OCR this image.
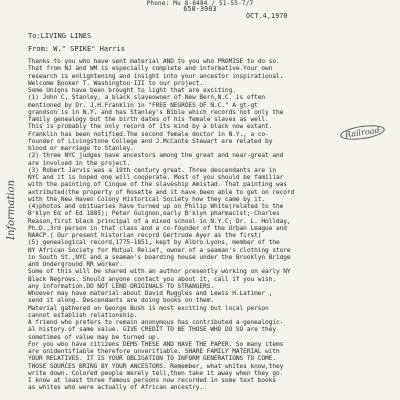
Phone: Mu 8-8484 / 51-55-7/7
650-3903
OCT.4,1970
To:LIVING LINES
From: W." SPIKE" Harris
Thanks to you who have sent material AND to you who PROMISE to do so.
That from NJ and WM is especially complete and informative.Your own
research is enlightening and insight into your ancestor inspirational.
Welcome Booker T. Washington III to our project.
Some Unions have been brought to light that are exciting.
(1) John C. Stanley, a black slaveowner of New Bern,N.C. is often
mentioned by Dr. J.H.Franklin in "FREE NEGROES OF N.C." A gt-gt
grandson is in N.Y. and has Stanley's Bible which records not only the
family genealogy but the birth dates of his female slaves as well.
This is probably the only record of its kind by a black now extant.
Franklin has been notified.The second female doctor in N.Y., a co-
founder of Livingstone College and J.McCante Stewart are related by
blood or marriage to Stanley.
(2) three NYC judges have ancestors among the great and near-great and
are involved in the project.
(3) Robert Jarvis was a 19th century great. Three descendants are in
NYC and it is hoped one will cooperate. Most of you should be familiar
with the painting of Cinque of the slaveship Amistad. That painting was
axtributed(the property of Rosette and it have been able to get on record
with the New Haven Colony Historical Society how they came by it.
(4)photos and obituaries have turned up on Philip White(related to the
B'klyn Ed of Ed 1885); Peter Guignon,early B'klyn pharmacist; Charles
Reason,first black principal of a mixed school in N.Y.C; Dr. L. Hollday,
Ph.D.,3rd person in that class and a co-founder of the Urban League and
NAACP.( Our present historian record Gertrude Ayer as the first)
(5) genealogical record,1775-1851, kept by Albro Lyons, member of the
NY African Society for Mutual Relief, owner of a seaman's clothing store
in South St.,NYC and a seaman's boarding house under the Brooklyn Bridge
and Underground RR worker.
Some of this will be shared with an author presently working on early NY
Black Negroes. Should anyone contact you about it, call if you wish,
any information.DO NOT LEND ORIGINALS TO STRANGERS.
Whoever may have material about David Ruggles and Lewis H.Latimer ,
send it along. Descendants are doing books on them.
Material gathered on George Bush is most exciting but local person
cannot establish relationship.
A friend who prefers to remain anonymous has contributed a genealogic-
al history of same value. GIVE CREDIT TO BE THOSE WHO DO SO are they
sometimes of value may be turned up.
For you who have citizens DEMS THESE AND HAVE THE PAPER. So many items
are unidentifiable therefore unverifiable. SHARE FAMILY MATERIAL with
YOUR RELATIVES. IT IS YOUR OBLIGATION TO INFORM GENERATIONS TO COME.
THOSE SOURCES BRING BY YOUR ANCESTORS. Remember, what whites know,they
write down. Colored people merely tell,then take it away when they go.
I know at least three famous persons now recorded in some text books
as whites who were actually of African ancestry.
Railroad
Information
